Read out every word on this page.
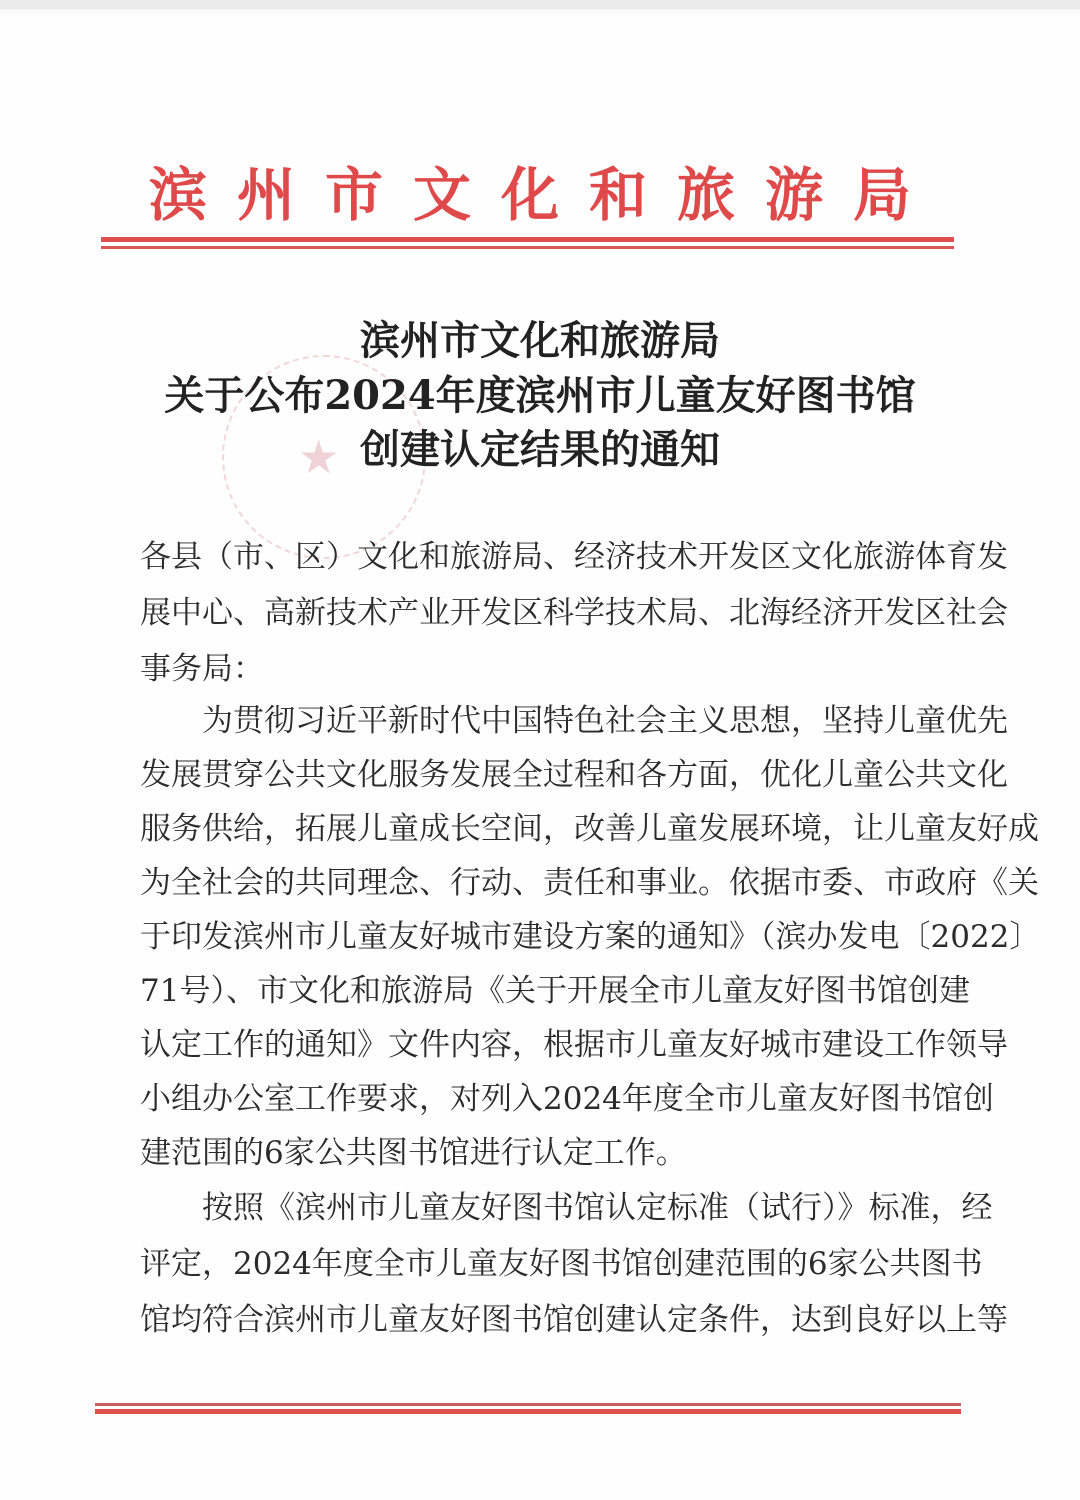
滨州市文化和旅游局
★
滨州市文化和旅游局
关于公布2024年度滨州市儿童友好图书馆
创建认定结果的通知
各县（市、区）文化和旅游局、经济技术开发区文化旅游体育发
展中心、高新技术产业开发区科学技术局、北海经济开发区社会
事务局：
为贯彻习近平新时代中国特色社会主义思想，坚持儿童优先
发展贯穿公共文化服务发展全过程和各方面，优化儿童公共文化
服务供给，拓展儿童成长空间，改善儿童发展环境，让儿童友好成
为全社会的共同理念、行动、责任和事业。依据市委、市政府《关
于印发滨州市儿童友好城市建设方案的通知》（滨办发电〔2022〕
71号）、市文化和旅游局《关于开展全市儿童友好图书馆创建
认定工作的通知》文件内容，根据市儿童友好城市建设工作领导
小组办公室工作要求，对列入2024年度全市儿童友好图书馆创
建范围的6家公共图书馆进行认定工作。
按照《滨州市儿童友好图书馆认定标准（试行）》标准，经
评定，2024年度全市儿童友好图书馆创建范围的6家公共图书
馆均符合滨州市儿童友好图书馆创建认定条件，达到良好以上等
